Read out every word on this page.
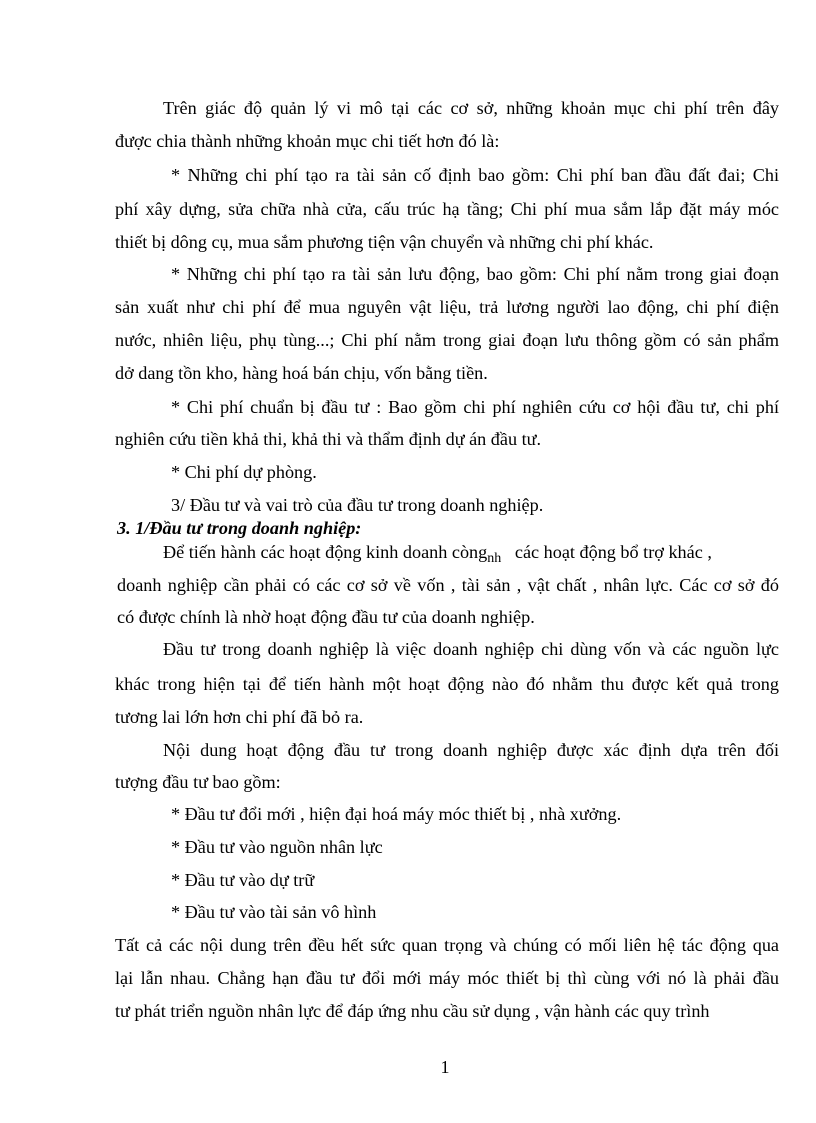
Trên giác độ quản lý vi mô tại các cơ sở, những khoản mục chi phí trên đây
được chia thành những khoản mục chi tiết hơn đó là:
* Những chi phí tạo ra tài sản cố định bao gồm: Chi phí ban đầu đất đai; Chi
phí xây dựng, sửa chữa nhà cửa, cấu trúc hạ tầng; Chi phí mua sắm lắp đặt máy móc
thiết bị dông cụ, mua sắm phương tiện vận chuyển và những chi phí khác.
* Những chi phí tạo ra tài sản lưu động, bao gồm: Chi phí nằm trong giai đoạn
sản xuất như chi phí để mua nguyên vật liệu, trả lương người lao động, chi phí điện
nước, nhiên liệu, phụ tùng...; Chi phí nằm trong giai đoạn lưu thông gồm có sản phẩm
dở dang tồn kho, hàng hoá bán chịu, vốn bằng tiền.
* Chi phí chuẩn bị đầu tư : Bao gồm chi phí nghiên cứu cơ hội đầu tư, chi phí
nghiên cứu tiền khả thi, khả thi và thẩm định dự án đầu tư.
* Chi phí dự phòng.
3/ Đầu tư và vai trò của đầu tư trong doanh nghiệp.
3. 1/Đầu tư trong doanh nghiệp:
Để tiến hành các hoạt động kinh doanh còng$_{nh}$ các hoạt động bổ trợ khác ,
doanh nghiệp cần phải có các cơ sở về vốn , tài sản , vật chất , nhân lực. Các cơ sở đó
có được chính là nhờ hoạt động đầu tư của doanh nghiệp.
Đầu tư trong doanh nghiệp là việc doanh nghiệp chi dùng vốn và các nguồn lực
khác trong hiện tại để tiến hành một hoạt động nào đó nhằm thu được kết quả trong
tương lai lớn hơn chi phí đã bỏ ra.
Nội dung hoạt động đầu tư trong doanh nghiệp được xác định dựa trên đối
tượng đầu tư bao gồm:
* Đầu tư đổi mới , hiện đại hoá máy móc thiết bị , nhà xưởng.
* Đầu tư vào nguồn nhân lực
* Đầu tư vào dự trữ
* Đầu tư vào tài sản vô hình
Tất cả các nội dung trên đều hết sức quan trọng và chúng có mối liên hệ tác động qua
lại lẫn nhau. Chẳng hạn đầu tư đổi mới máy móc thiết bị thì cùng với nó là phải đầu
tư phát triển nguồn nhân lực để đáp ứng nhu cầu sử dụng , vận hành các quy trình
1
